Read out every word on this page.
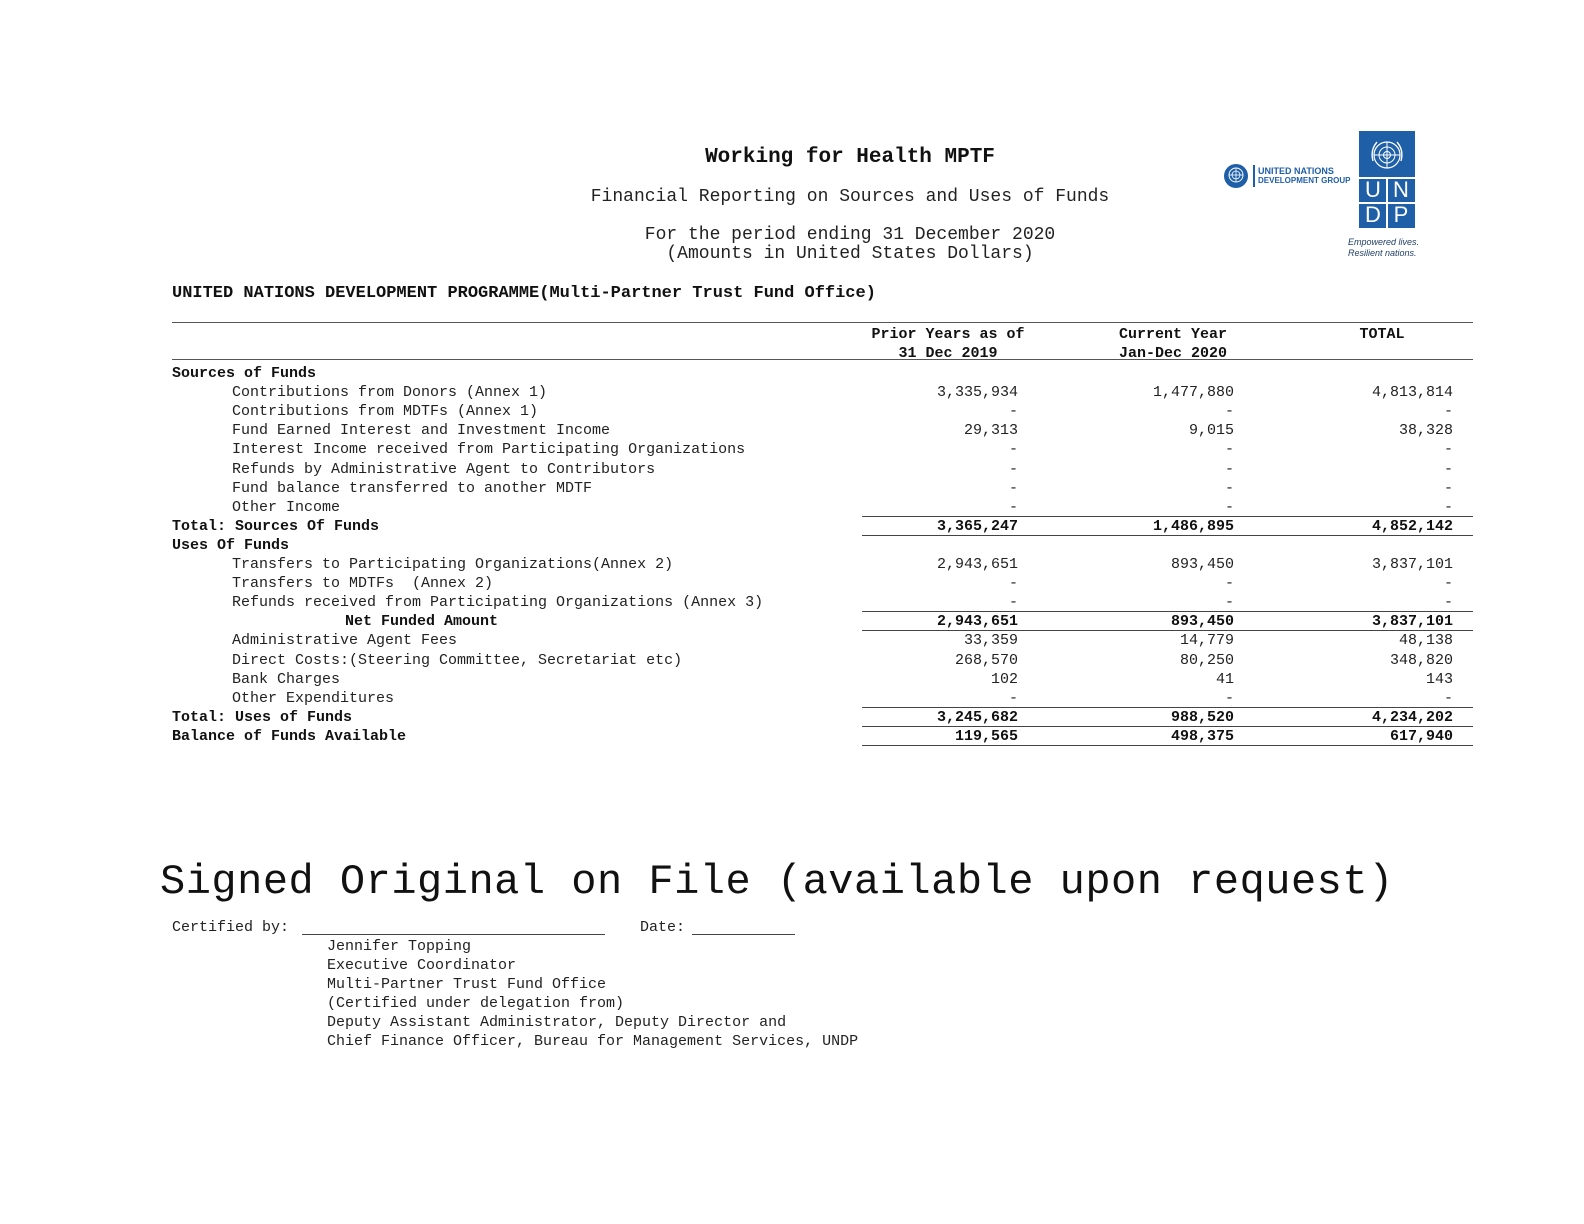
Working for Health MPTF
Financial Reporting on Sources and Uses of Funds
For the period ending 31 December 2020
(Amounts in United States Dollars)
UNITED NATIONS DEVELOPMENT PROGRAMME(Multi-Partner Trust Fund Office)
UNITED NATIONS
DEVELOPMENT GROUP U N
D P
Empowered lives.
Resilient nations.
Prior Years as of
31 Dec 2019
Current Year
Jan-Dec 2020
TOTAL
Sources of Funds
Contributions from Donors (Annex 1)	3,335,934	1,477,880	4,813,814
Contributions from MDTFs (Annex 1)	-	-	-
Fund Earned Interest and Investment Income	29,313	9,015	38,328
Interest Income received from Participating Organizations	-	-	-
Refunds by Administrative Agent to Contributors	-	-	-
Fund balance transferred to another MDTF	-	-	-
Other Income	-	-	-
Total: Sources Of Funds	3,365,247	1,486,895	4,852,142
Uses Of Funds
Transfers to Participating Organizations(Annex 2)	2,943,651	893,450	3,837,101
Transfers to MDTFs  (Annex 2)	-	-	-
Refunds received from Participating Organizations (Annex 3)	-	-	-
Net Funded Amount	2,943,651	893,450	3,837,101
Administrative Agent Fees	33,359	14,779	48,138
Direct Costs:(Steering Committee, Secretariat etc)	268,570	80,250	348,820
Bank Charges	102	41	143
Other Expenditures	-	-	-
Total: Uses of Funds	3,245,682	988,520	4,234,202
Balance of Funds Available	119,565	498,375	617,940
Signed Original on File (available upon request)
Certified by:	Date:
Jennifer Topping
Executive Coordinator
Multi-Partner Trust Fund Office
(Certified under delegation from)
Deputy Assistant Administrator, Deputy Director and
Chief Finance Officer, Bureau for Management Services, UNDP
